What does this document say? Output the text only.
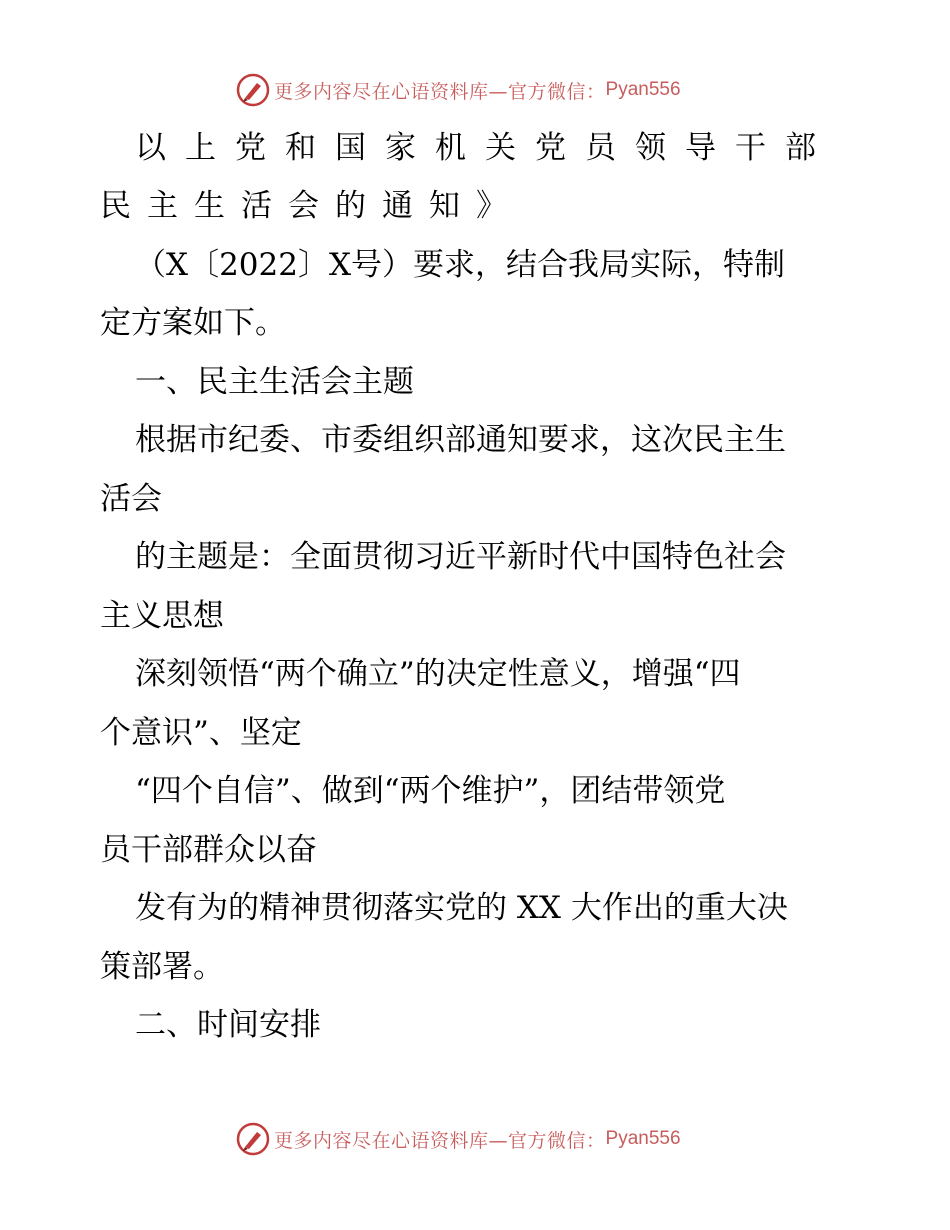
更多内容尽在心语资料库—官方微信： Pyan556
以上党和国家机关党员领导干部
民主生活会的通知》
（X〔2022〕X号）要求，结合我局实际，特制
定方案如下。
一、民主生活会主题
根据市纪委、市委组织部通知要求，这次民主生
活会
的主题是：全面贯彻习近平新时代中国特色社会
主义思想
深刻领悟“两个确立”的决定性意义，增强“四
个意识”、坚定
“四个自信”、做到“两个维护”，团结带领党
员干部群众以奋
发有为的精神贯彻落实党的 XX 大作出的重大决
策部署。
二、时间安排
更多内容尽在心语资料库—官方微信： Pyan556
